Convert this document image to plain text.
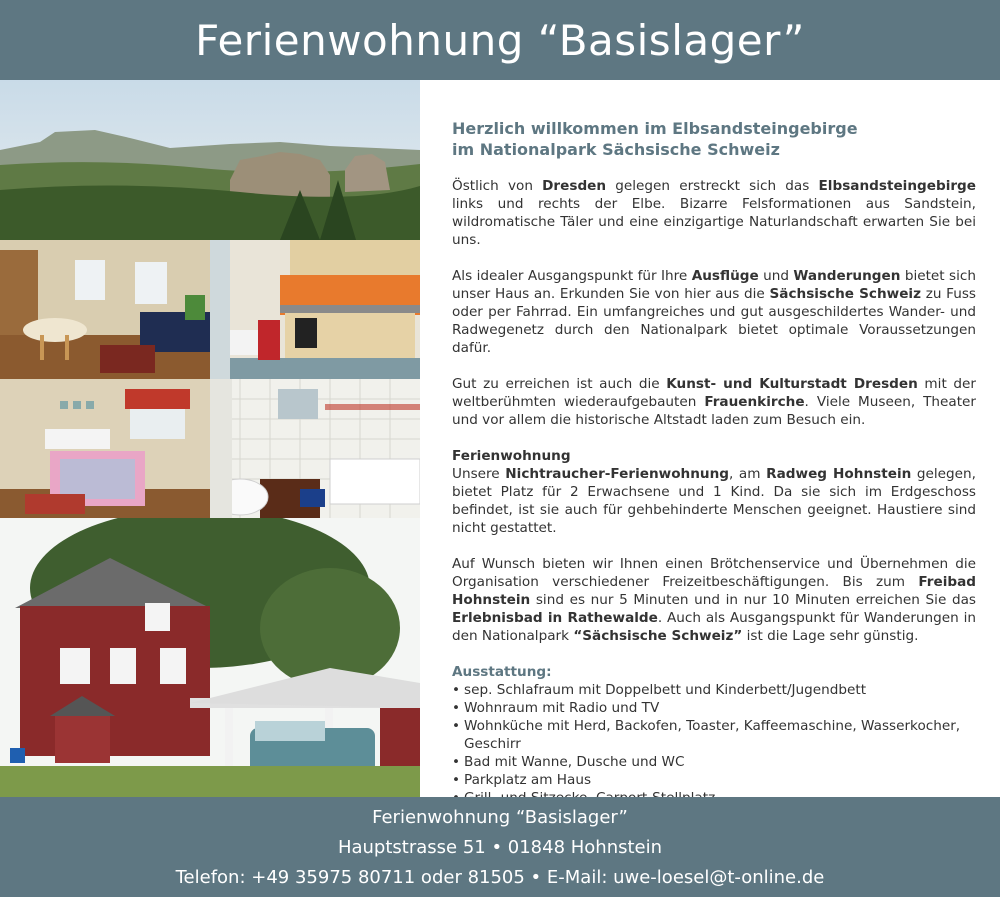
Ferienwohnung “Basislager”
Herzlich willkommen im Elbsandsteingebirge
im Nationalpark Sächsische Schweiz

Östlich von Dresden gelegen erstreckt sich das Elbsandsteingebirge links und rechts der Elbe. Bizarre Felsformationen aus Sandstein, wildromatische Täler und eine einzigartige Naturlandschaft erwarten Sie bei uns.

Als idealer Ausgangspunkt für Ihre Ausflüge und Wanderungen bietet sich unser Haus an. Erkunden Sie von hier aus die Sächsische Schweiz zu Fuss oder per Fahrrad. Ein umfangreiches und gut ausgeschildertes Wander- und Radwegenetz durch den Nationalpark bietet optimale Voraussetzungen dafür.

Gut zu erreichen ist auch die Kunst- und Kulturstadt Dresden mit der weltberühmten wiederaufgebauten Frauenkirche. Viele Museen, Theater und vor allem die historische Altstadt laden zum Besuch ein.

Ferienwohnung
Unsere Nichtraucher-Ferienwohnung, am Radweg Hohnstein gelegen, bietet Platz für 2 Erwachsene und 1 Kind. Da sie sich im Erdgeschoss befindet, ist sie auch für gehbehinderte Menschen geeignet. Haustiere sind nicht gestattet.

Auf Wunsch bieten wir Ihnen einen Brötchenservice und Übernehmen die Organisation verschiedener Freizeitbeschäftigungen. Bis zum Freibad Hohnstein sind es nur 5 Minuten und in nur 10 Minuten erreichen Sie das Erlebnisbad in Rathewalde. Auch als Ausgangspunkt für Wanderungen in den Nationalpark “Sächsische Schweiz” ist die Lage sehr günstig.

Ausstattung:
• sep. Schlafraum mit Doppelbett und Kinderbett/Jugendbett
• Wohnraum mit Radio und TV
• Wohnküche mit Herd, Backofen, Toaster, Kaffeemaschine, Wasserkocher, Geschirr
• Bad mit Wanne, Dusche und WC
• Parkplatz am Haus
•
Ferienwohnung “Basislager”
Hauptstrasse 51 • 01848 Hohnstein
Telefon: +49 35975 80711 oder 81505 • E-Mail: uwe-loesel@t-online.de
